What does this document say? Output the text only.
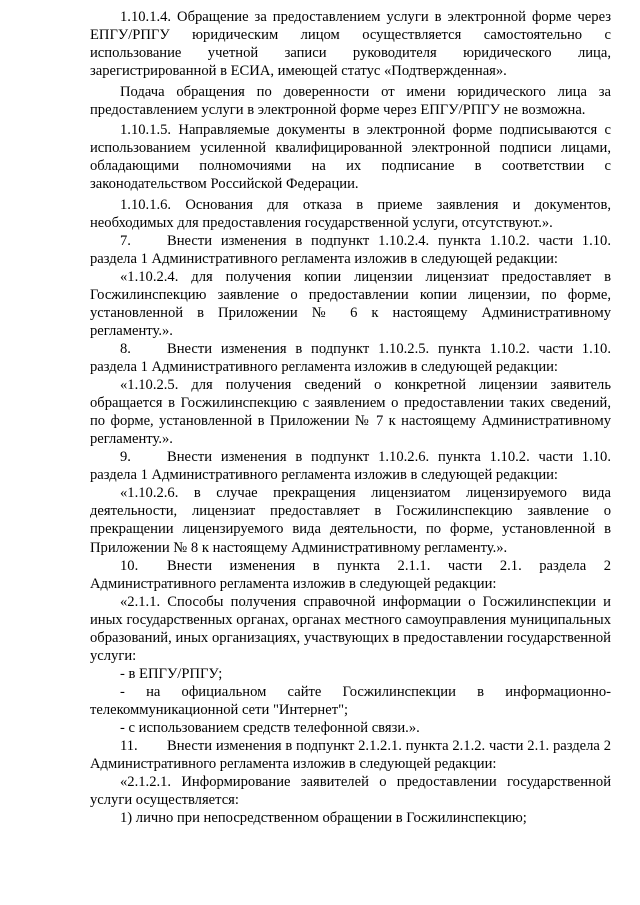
1.10.1.4. Обращение за предоставлением услуги в электронной форме через ЕПГУ/РПГУ юридическим лицом осуществляется самостоятельно с использование учетной записи руководителя юридического лица, зарегистрированной в ЕСИА, имеющей статус «Подтвержденная».

Подача обращения по доверенности от имени юридического лица за предоставлением услуги в электронной форме через ЕПГУ/РПГУ не возможна.

1.10.1.5. Направляемые документы в электронной форме подписываются с использованием усиленной квалифицированной электронной подписи лицами, обладающими полномочиями на их подписание в соответствии с законодательством Российской Федерации.

1.10.1.6. Основания для отказа в приеме заявления и документов, необходимых для предоставления государственной услуги, отсутствуют.».

7. Внести изменения в подпункт 1.10.2.4. пункта 1.10.2. части 1.10. раздела 1 Административного регламента изложив в следующей редакции:

«1.10.2.4. для получения копии лицензии лицензиат предоставляет в Госжилинспекцию заявление о предоставлении копии лицензии, по форме, установленной в Приложении № 6 к настоящему Административному регламенту.».

8. Внести изменения в подпункт 1.10.2.5. пункта 1.10.2. части 1.10. раздела 1 Административного регламента изложив в следующей редакции:

«1.10.2.5. для получения сведений о конкретной лицензии заявитель обращается в Госжилинспекцию с заявлением о предоставлении таких сведений, по форме, установленной в Приложении № 7 к настоящему Административному регламенту.».

9. Внести изменения в подпункт 1.10.2.6. пункта 1.10.2. части 1.10. раздела 1 Административного регламента изложив в следующей редакции:

«1.10.2.6. в случае прекращения лицензиатом лицензируемого вида деятельности, лицензиат предоставляет в Госжилинспекцию заявление о прекращении лицензируемого вида деятельности, по форме, установленной в Приложении № 8 к настоящему Административному регламенту.».

10. Внести изменения в пункта 2.1.1. части 2.1. раздела 2 Административного регламента изложив в следующей редакции:

«2.1.1. Способы получения справочной информации о Госжилинспекции и иных государственных органах, органах местного самоуправления муниципальных образований, иных организациях, участвующих в предоставлении государственной услуги:

- в ЕПГУ/РПГУ;

- на официальном сайте Госжилинспекции в информационно-телекоммуникационной сети "Интернет";

- с использованием средств телефонной связи.».

11. Внести изменения в подпункт 2.1.2.1. пункта 2.1.2. части 2.1. раздела 2 Административного регламента изложив в следующей редакции:

«2.1.2.1. Информирование заявителей о предоставлении государственной услуги осуществляется:

1) лично при непосредственном обращении в Госжилинспекцию;
